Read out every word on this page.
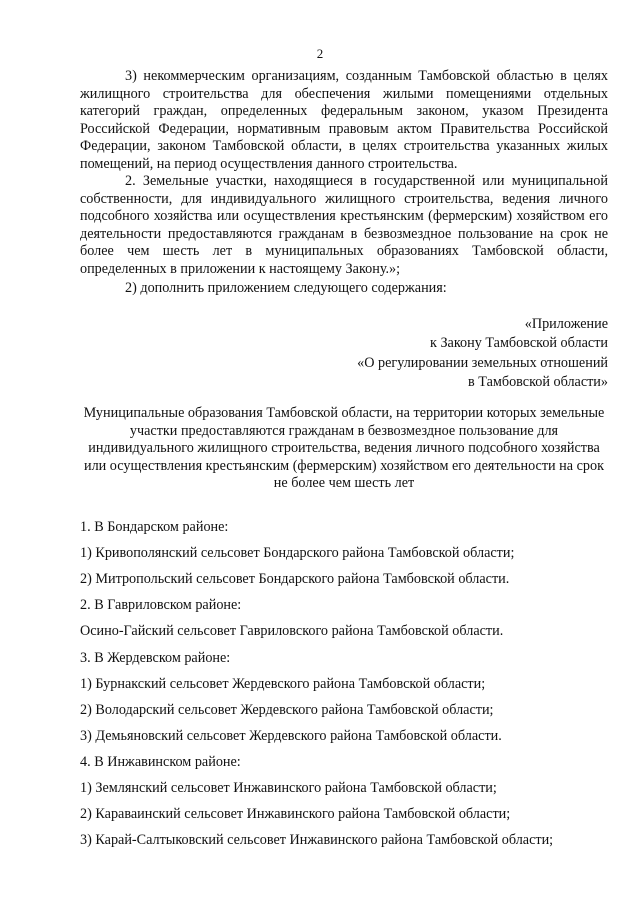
2

3) некоммерческим организациям, созданным Тамбовской областью в целях жилищного строительства для обеспечения жилыми помещениями отдельных категорий граждан, определенных федеральным законом, указом Президента Российской Федерации, нормативным правовым актом Правительства Российской Федерации, законом Тамбовской области, в целях строительства указанных жилых помещений, на период осуществления данного строительства.

2. Земельные участки, находящиеся в государственной или муниципальной собственности, для индивидуального жилищного строительства, ведения личного подсобного хозяйства или осуществления крестьянским (фермерским) хозяйством его деятельности предоставляются гражданам в безвозмездное пользование на срок не более чем шесть лет в муниципальных образованиях Тамбовской области, определенных в приложении к настоящему Закону.»;

2) дополнить приложением следующего содержания:

«Приложение
к Закону Тамбовской области
«О регулировании земельных отношений
в Тамбовской области»

Муниципальные образования Тамбовской области, на территории которых земельные участки предоставляются гражданам в безвозмездное пользование для индивидуального жилищного строительства, ведения личного подсобного хозяйства или осуществления крестьянским (фермерским) хозяйством его деятельности на срок не более чем шесть лет

1. В Бондарском районе:
1) Кривополянский сельсовет Бондарского района Тамбовской области;
2) Митропольский сельсовет Бондарского района Тамбовской области.
2. В Гавриловском районе:
Осино-Гайский сельсовет Гавриловского района Тамбовской области.
3. В Жердевском районе:
1) Бурнакский сельсовет Жердевского района Тамбовской области;
2) Володарский сельсовет Жердевского района Тамбовской области;
3) Демьяновский сельсовет Жердевского района Тамбовской области.
4. В Инжавинском районе:
1) Землянский сельсовет Инжавинского района Тамбовской области;
2) Караваинский сельсовет Инжавинского района Тамбовской области;
3) Карай-Салтыковский сельсовет Инжавинского района Тамбовской области;
